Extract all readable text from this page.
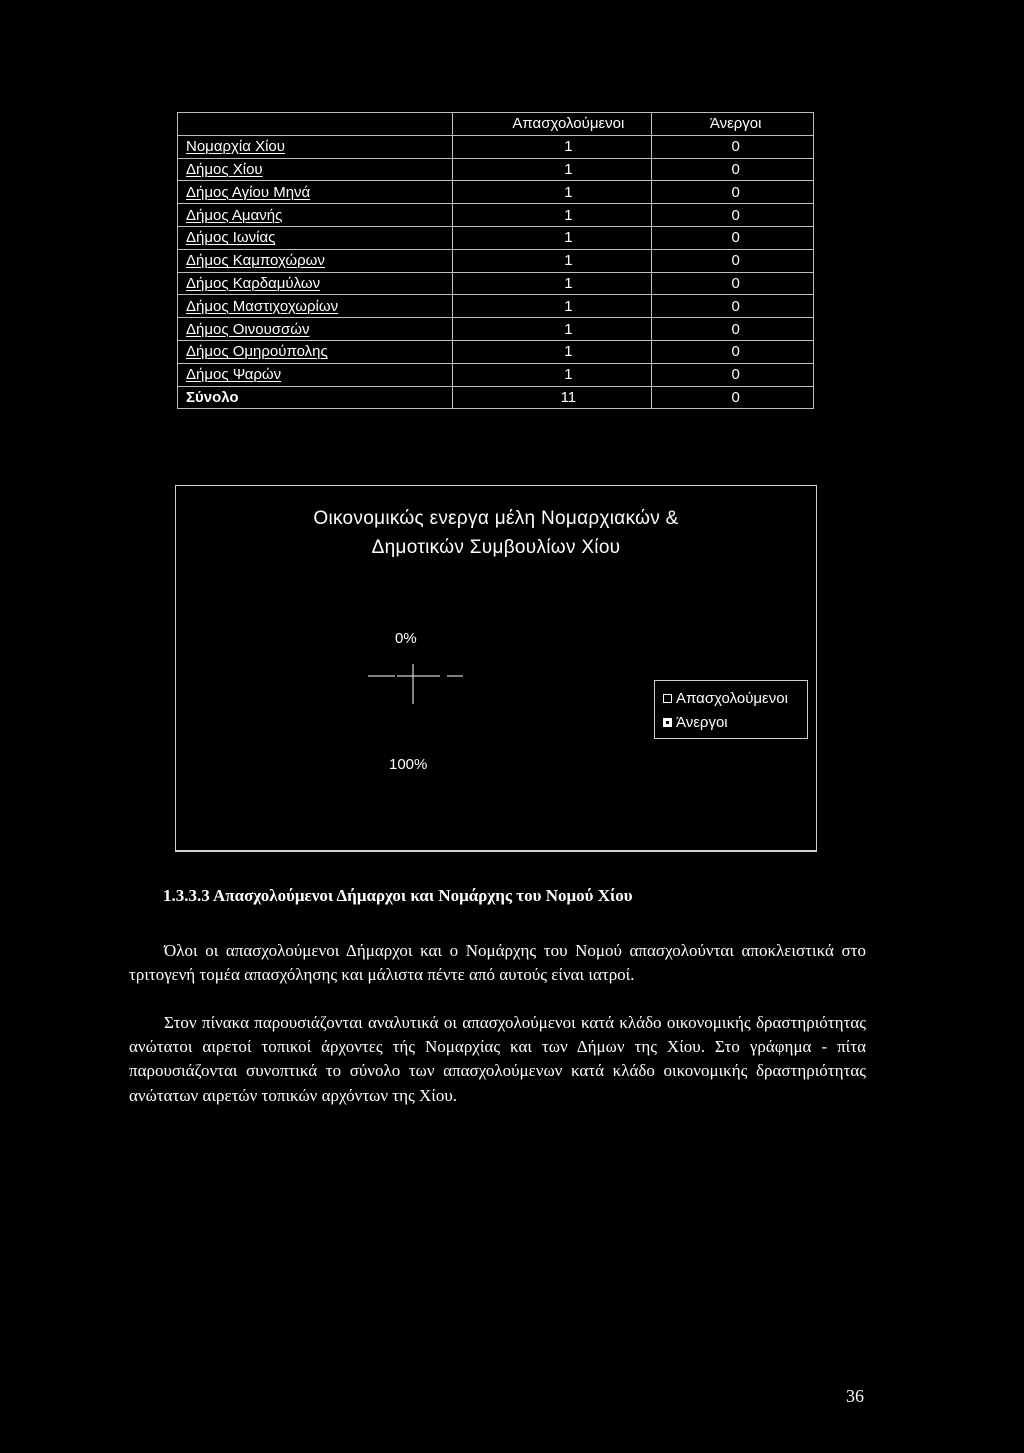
	Απασχολούμενοι	Άνεργοι
Νομαρχία Χίου	1	0
Δήμος Χίου	1	0
Δήμος Αγίου Μηνά	1	0
Δήμος Αμανής	1	0
Δήμος Ιωνίας	1	0
Δήμος Καμποχώρων	1	0
Δήμος Καρδαμύλων	1	0
Δήμος Μαστιχοχωρίων	1	0
Δήμος Οινουσσών	1	0
Δήμος Ομηρούπολης	1	0
Δήμος Ψαρών	1	0
Σύνολο	11	0
Οικονομικώς ενεργα μέλη Νομαρχιακών &
Δημοτικών Συμβουλίων Χίου
0%
100%
Απασχολούμενοι
Άνεργοι
1.3.3.3 Απασχολούμενοι Δήμαρχοι και Νομάρχης του Νομού Χίου
Όλοι οι απασχολούμενοι Δήμαρχοι και ο Νομάρχης του Νομού απασχολούνται αποκλειστικά στο τριτογενή τομέα απασχόλησης και μάλιστα πέντε από αυτούς είναι ιατροί.
Στον πίνακα παρουσιάζονται αναλυτικά οι απασχολούμενοι κατά κλάδο οικονομικής δραστηριότητας ανώτατοι αιρετοί τοπικοί άρχοντες τής Νομαρχίας και των Δήμων της Χίου. Στο γράφημα - πίτα παρουσιάζονται συνοπτικά το σύνολο των απασχολούμενων κατά κλάδο οικονομικής δραστηριότητας ανώτατων αιρετών τοπικών αρχόντων της Χίου.
36
